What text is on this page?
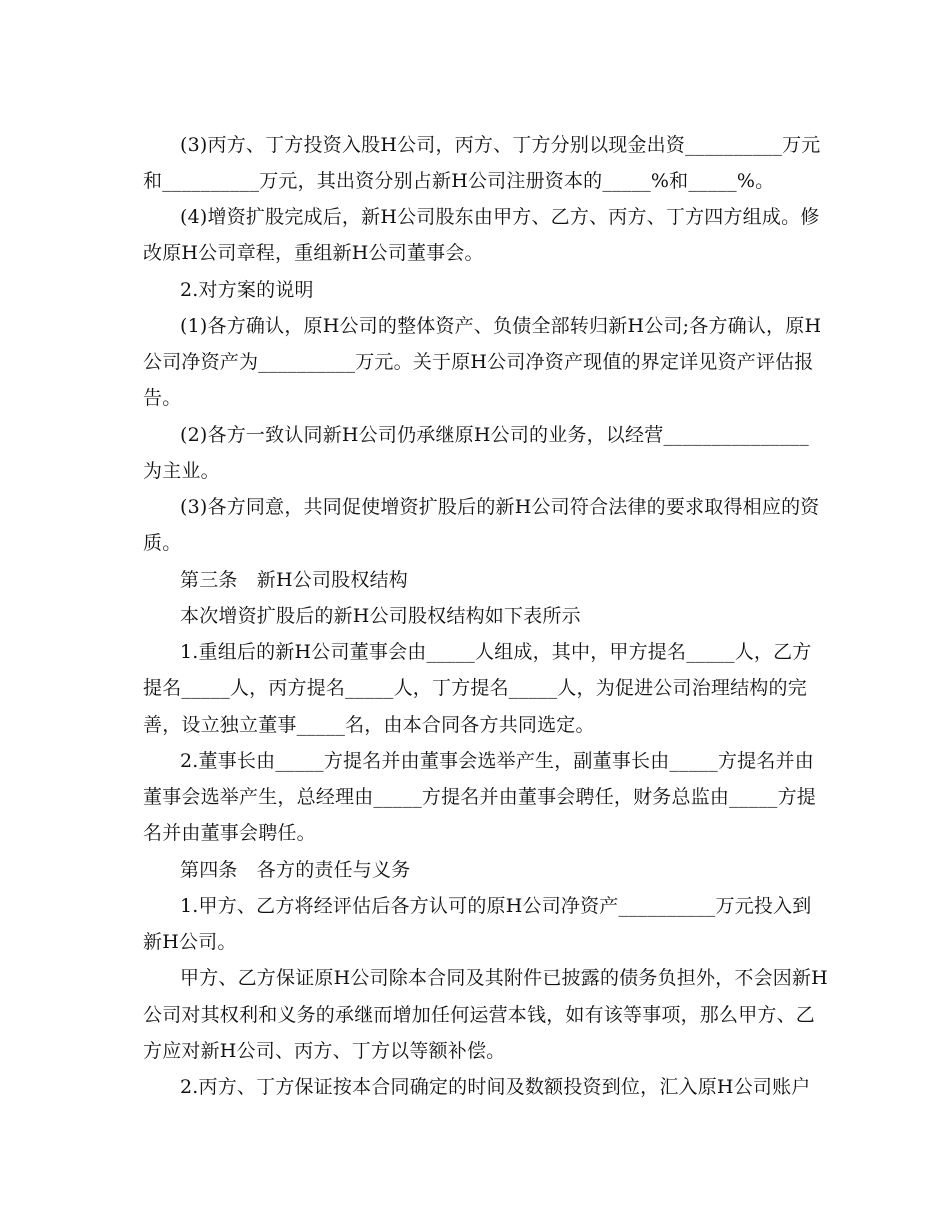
(3)丙方、丁方投资入股H公司，丙方、丁方分别以现金出资__________万元
和__________万元，其出资分别占新H公司注册资本的_____%和_____%。
(4)增资扩股完成后，新H公司股东由甲方、乙方、丙方、丁方四方组成。修
改原H公司章程，重组新H公司董事会。
2.对方案的说明
(1)各方确认，原H公司的整体资产、负债全部转归新H公司;各方确认，原H
公司净资产为__________万元。关于原H公司净资产现值的界定详见资产评估报
告。
(2)各方一致认同新H公司仍承继原H公司的业务，以经营_______________
为主业。
(3)各方同意，共同促使增资扩股后的新H公司符合法律的要求取得相应的资
质。
第三条　新H公司股权结构
本次增资扩股后的新H公司股权结构如下表所示
1.重组后的新H公司董事会由_____人组成，其中，甲方提名_____人，乙方
提名_____人，丙方提名_____人，丁方提名_____人，为促进公司治理结构的完
善，设立独立董事_____名，由本合同各方共同选定。
2.董事长由_____方提名并由董事会选举产生，副董事长由_____方提名并由
董事会选举产生，总经理由_____方提名并由董事会聘任，财务总监由_____方提
名并由董事会聘任。
第四条　各方的责任与义务
1.甲方、乙方将经评估后各方认可的原H公司净资产__________万元投入到
新H公司。
甲方、乙方保证原H公司除本合同及其附件已披露的债务负担外，不会因新H
公司对其权利和义务的承继而增加任何运营本钱，如有该等事项，那么甲方、乙
方应对新H公司、丙方、丁方以等额补偿。
2.丙方、丁方保证按本合同确定的时间及数额投资到位，汇入原H公司账户
